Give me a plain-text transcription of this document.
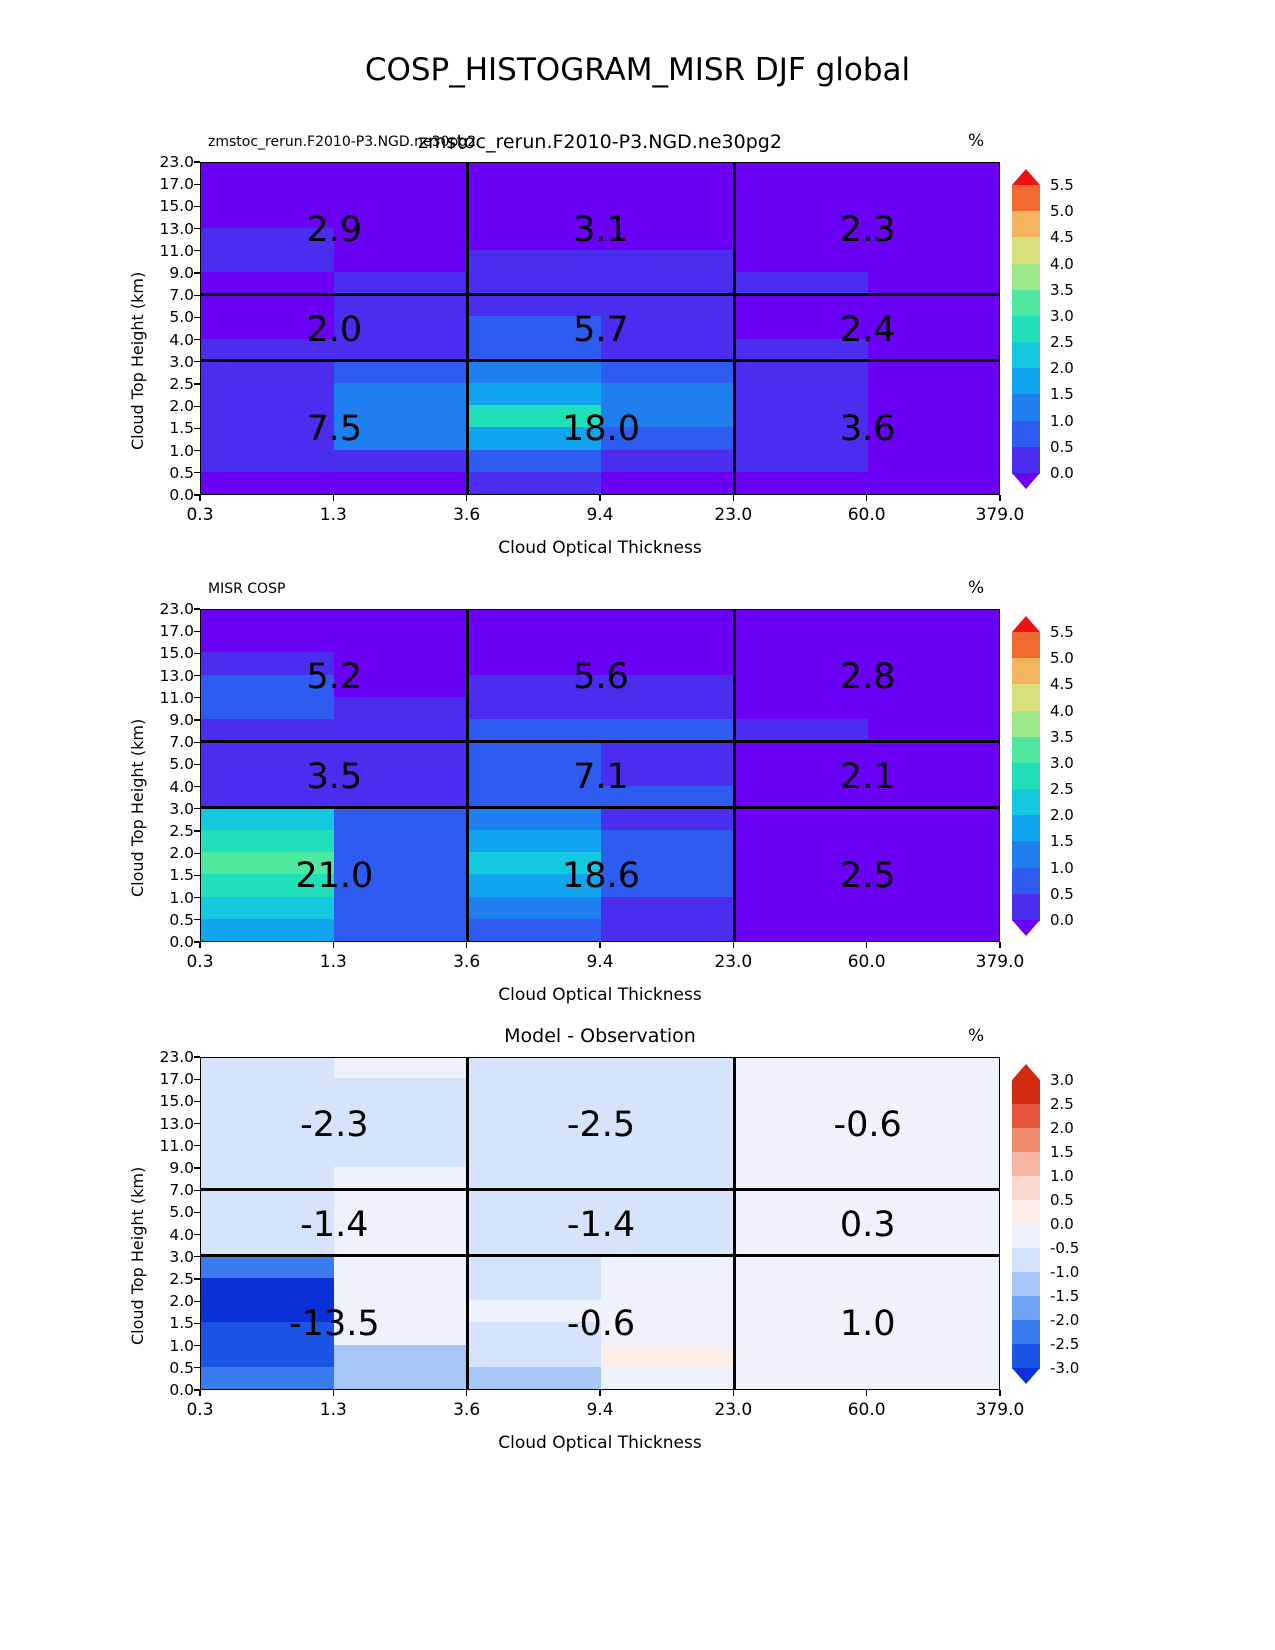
COSP_HISTOGRAM_MISR DJF global
zmstoc_rerun.F2010-P3.NGD.ne30pg2
zmstoc_rerun.F2010-P3.NGD.ne30pg2	%
Cloud Top Height (km)
Cloud Optical Thickness
2.9	3.1	2.3
2.0	5.7	2.4
7.5	18.0	3.6
5.5
5.0
4.5
4.0
3.5
3.0
2.5
2.0
1.5
1.0
0.5
0.0
MISR COSP	%
Cloud Top Height (km)
Cloud Optical Thickness
5.2	5.6	2.8
3.5	7.1	2.1
21.0	18.6	2.5
5.5
5.0
4.5
4.0
3.5
3.0
2.5
2.0
1.5
1.0
0.5
0.0
Model - Observation	%
Cloud Top Height (km)
Cloud Optical Thickness
-2.3	-2.5	-0.6
-1.4	-1.4	0.3
-13.5	-0.6	1.0
3.0
2.5
2.0
1.5
1.0
0.5
0.0
-0.5
-1.0
-1.5
-2.0
-2.5
-3.0
0.0
0.5
1.0
1.5
2.0
2.5
3.0
4.0
5.0
7.0
9.0
11.0
13.0
15.0
17.0
23.0
0.3	1.3	3.6	9.4	23.0	60.0	379.0
0.0
0.5
1.0
1.5
2.0
2.5
3.0
4.0
5.0
7.0
9.0
11.0
13.0
15.0
17.0
23.0
0.3	1.3	3.6	9.4	23.0	60.0	379.0
0.0
0.5
1.0
1.5
2.0
2.5
3.0
4.0
5.0
7.0
9.0
11.0
13.0
15.0
17.0
23.0
0.3	1.3	3.6	9.4	23.0	60.0	379.0
